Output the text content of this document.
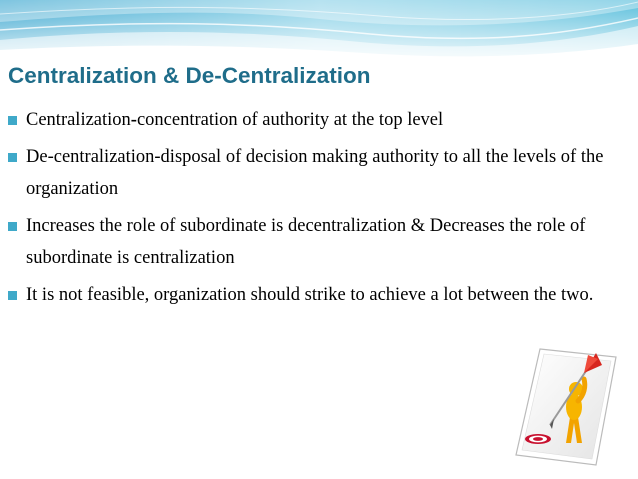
Centralization & De-Centralization
Centralization-concentration of authority at the top level
De-centralization-disposal of decision making authority to all the levels of the organization
Increases the role of subordinate is decentralization & Decreases the role of subordinate is centralization
It is not feasible, organization should strike to achieve a lot between the two.
